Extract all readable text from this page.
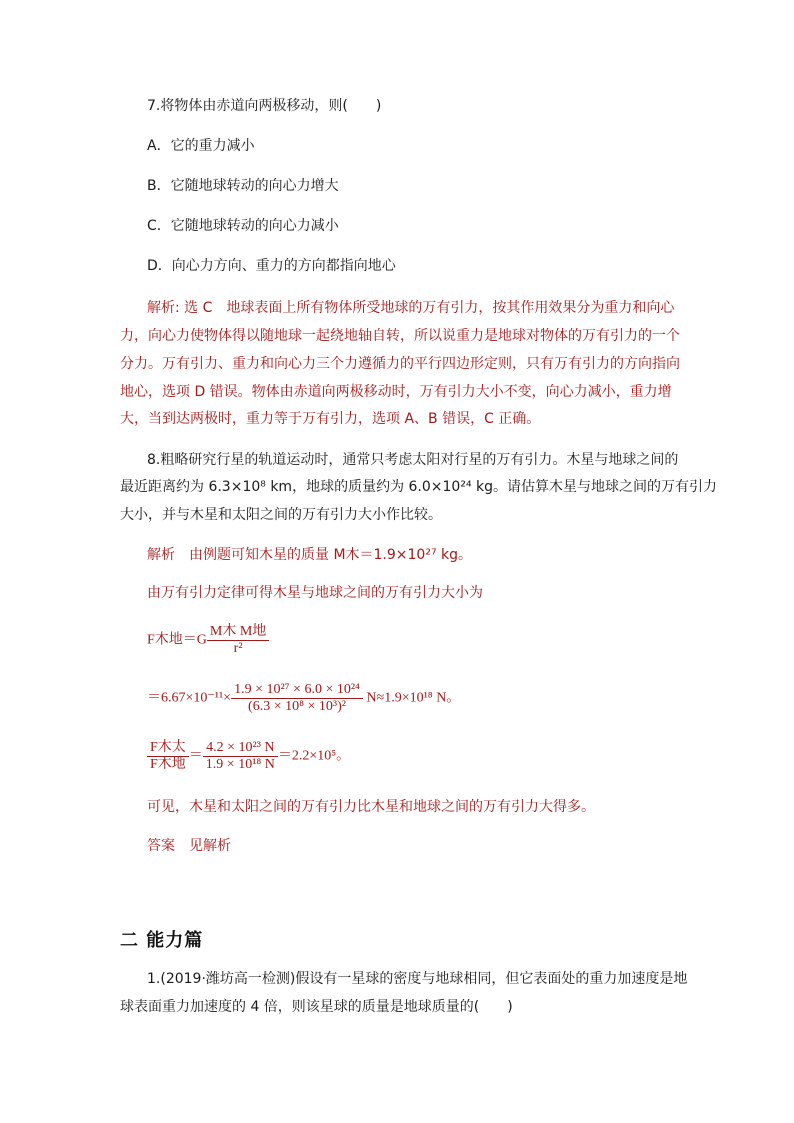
7.将物体由赤道向两极移动，则(　　)
A．它的重力减小
B．它随地球转动的向心力增大
C．它随地球转动的向心力减小
D．向心力方向、重力的方向都指向地心
解析: 选 C　地球表面上所有物体所受地球的万有引力，按其作用效果分为重力和向心
力，向心力使物体得以随地球一起绕地轴自转，所以说重力是地球对物体的万有引力的一个
分力。万有引力、重力和向心力三个力遵循力的平行四边形定则，只有万有引力的方向指向
地心，选项 D 错误。物体由赤道向两极移动时，万有引力大小不变，向心力减小，重力增
大，当到达两极时，重力等于万有引力，选项 A、B 错误，C 正确。
8.粗略研究行星的轨道运动时，通常只考虑太阳对行星的万有引力。木星与地球之间的
最近距离约为 6.3×10⁸ km，地球的质量约为 6.0×10²⁴ kg。请估算木星与地球之间的万有引力
大小，并与木星和太阳之间的万有引力大小作比较。
解析　由例题可知木星的质量 M木＝1.9×10²⁷ kg。
由万有引力定律可得木星与地球之间的万有引力大小为
F木地$=G \frac{\text{M木 M地}}{\text{r²}}$
$=6.67\times 10^{-11}\times \frac{\text{1.9 × 10²⁷ × 6.0 × 10²⁴}}{\text{(6.3 × 10⁸ × 10³)²}} N\approx 1.9\times 10^{18}$ N。
$\frac{\text{F木太}}{\text{F木地}} = \frac{\text{4.2 × 10²³ N}}{\text{1.9 × 10¹⁸ N}} =2.2\times 10^5$。
可见，木星和太阳之间的万有引力比木星和地球之间的万有引力大得多。
答案　见解析
二 能力篇
1.(2019·潍坊高一检测)假设有一星球的密度与地球相同，但它表面处的重力加速度是地
球表面重力加速度的 4 倍，则该星球的质量是地球质量的(　　)
